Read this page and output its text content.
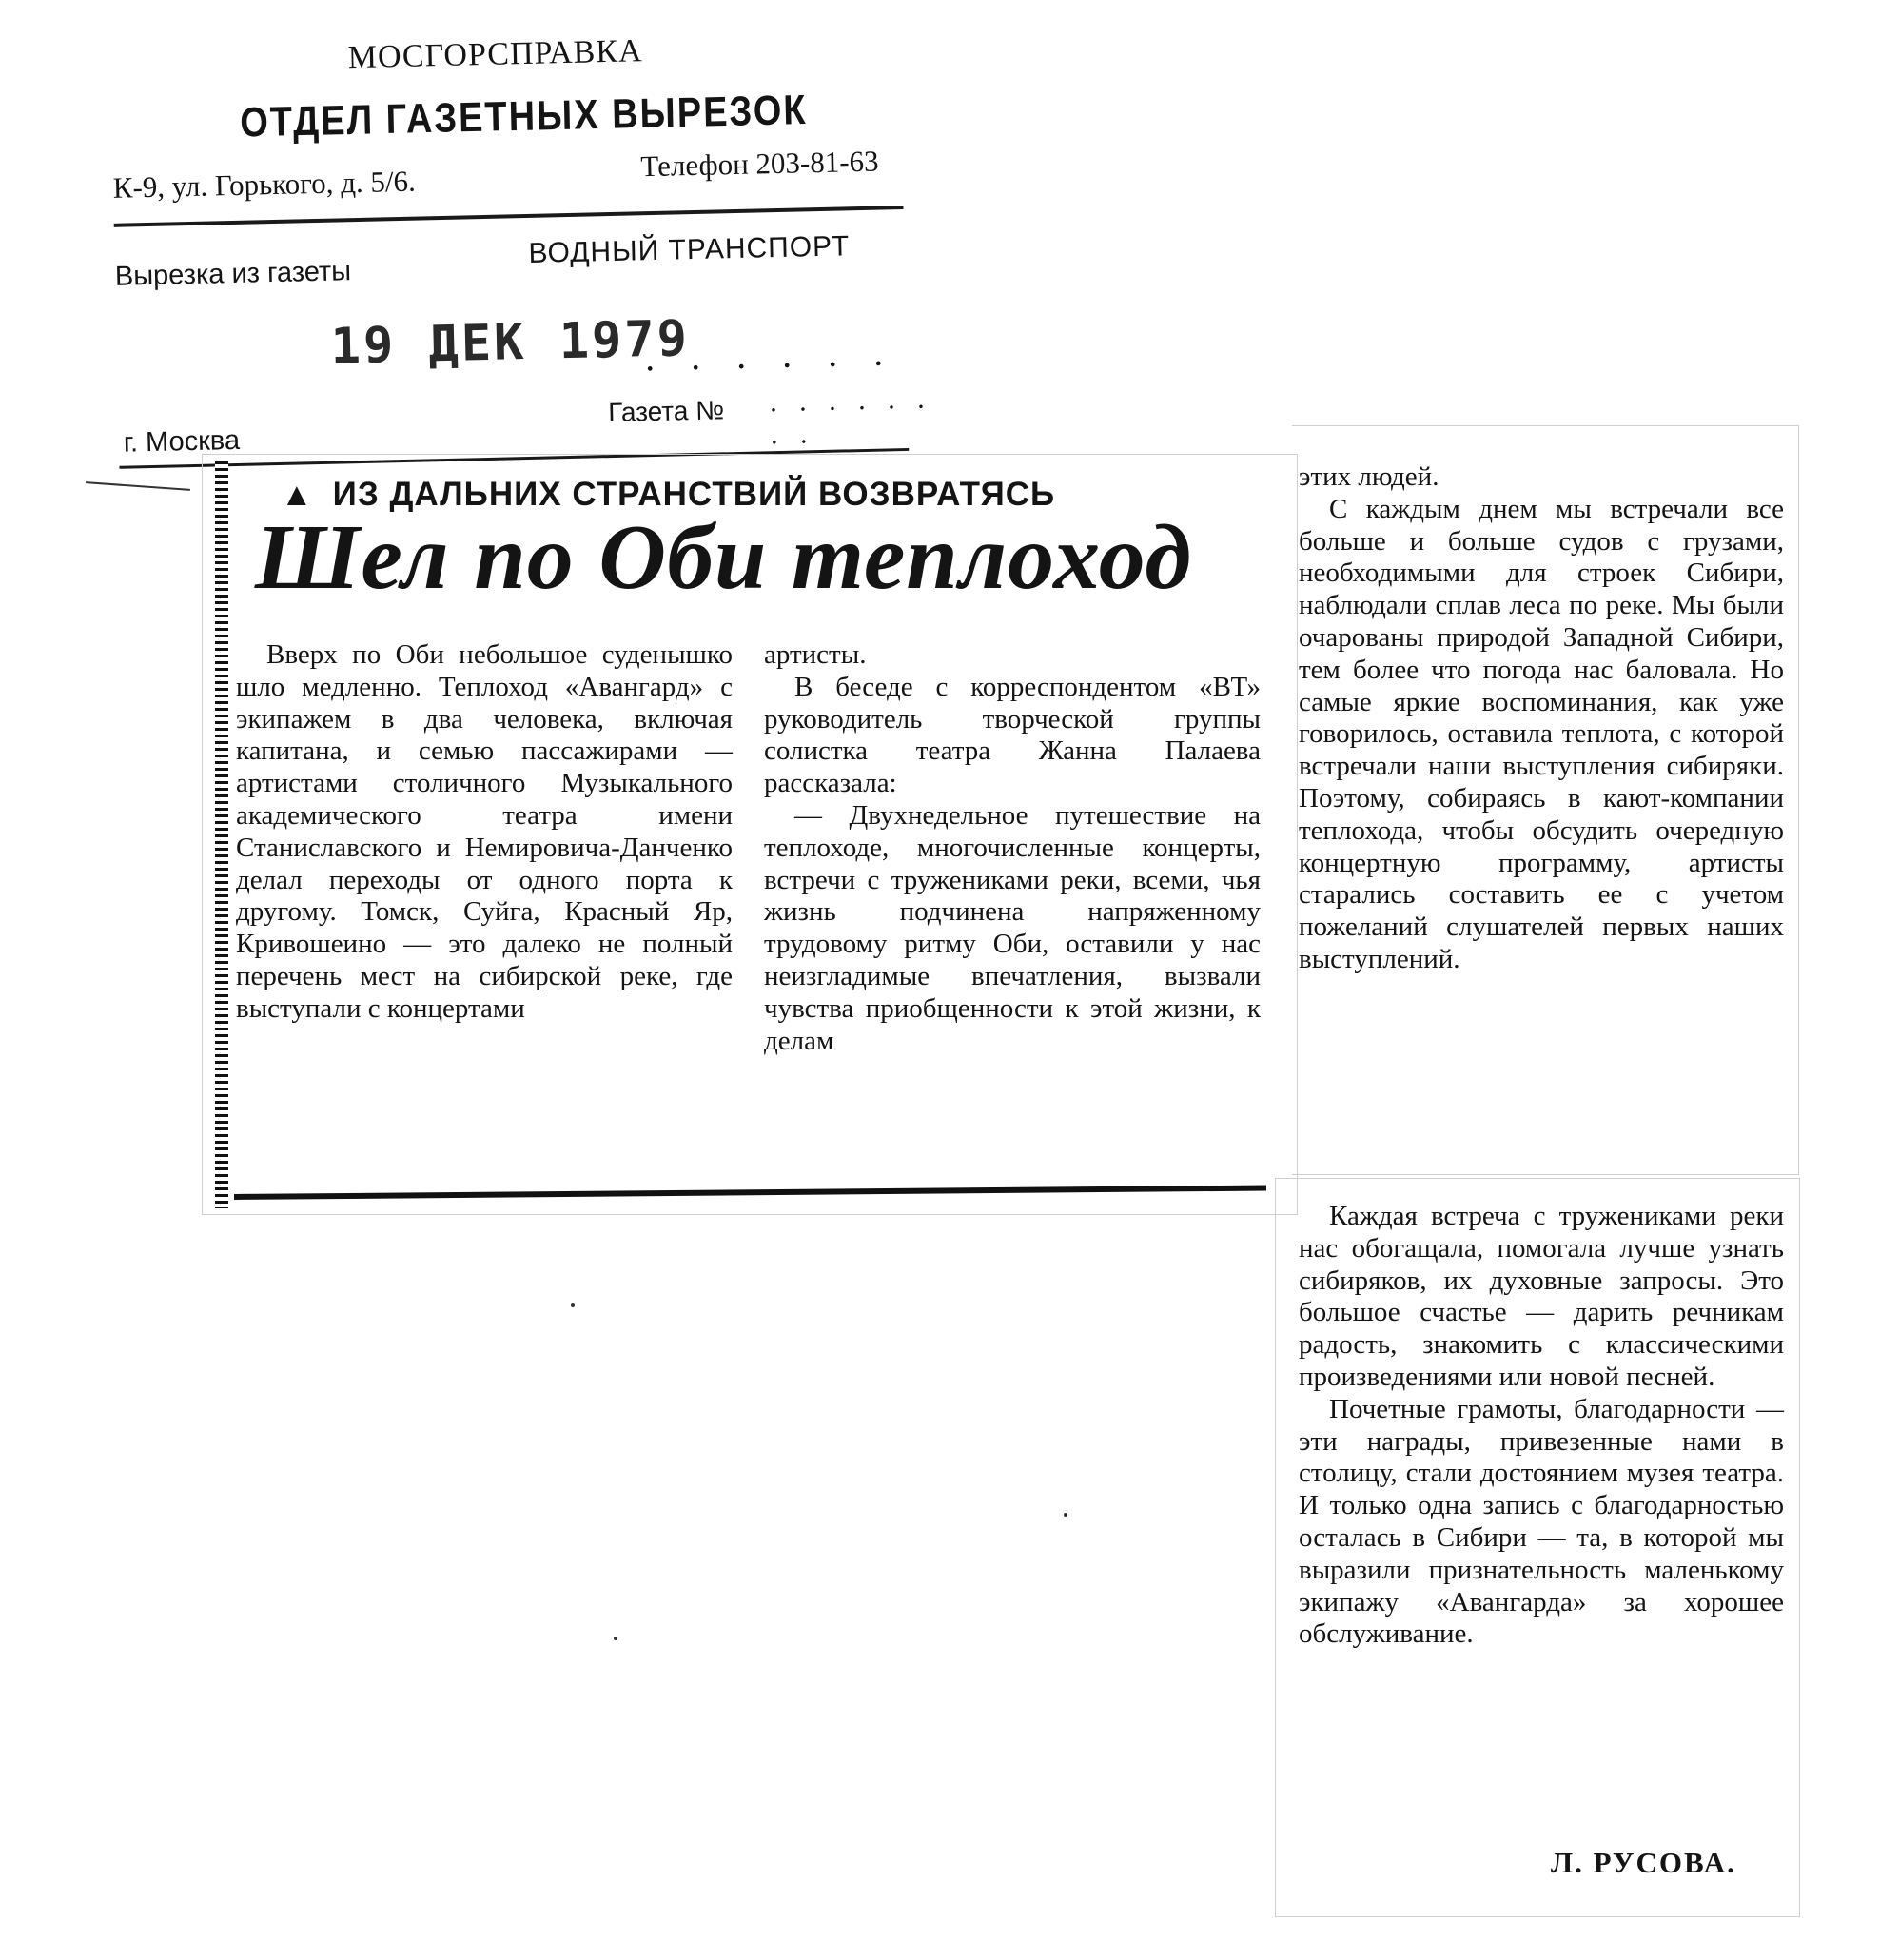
МОСГОРСПРАВКА
ОТДЕЛ ГАЗЕТНЫХ ВЫРЕЗОК
К-9, ул. Горького, д. 5/6.
Телефон 203-81-63
Вырезка из газеты
ВОДНЫЙ ТРАНСПОРТ
19 ДЕК 1979
. . . . . .
Газета № . . . . . . . .
г. Москва
▲ ИЗ ДАЛЬНИХ СТРАНСТВИЙ ВОЗВРАТЯСЬ
Шел по Оби теплоход

Вверх по Оби небольшое суденышко шло медленно. Теплоход «Авангард» с экипажем в два человека, включая капитана, и семью пассажирами — артистами столичного Музыкального академического театра имени Станиславского и Немировича-Данченко делал переходы от одного порта к другому. Томск, Суйга, Красный Яр, Кривошеино — это далеко не полный перечень мест на сибирской реке, где выступали с концертами

артисты.

В беседе с корреспондентом «ВТ» руководитель творческой группы солистка театра Жанна Палаева рассказала:

— Двухнедельное путешествие на теплоходе, многочисленные концерты, встречи с тружениками реки, всеми, чья жизнь подчинена напряженному трудовому ритму Оби, оставили у нас неизгладимые впечатления, вызвали чувства приобщенности к этой жизни, к делам

этих людей.

С каждым днем мы встречали все больше и больше судов с грузами, необходимыми для строек Сибири, наблюдали сплав леса по реке. Мы были очарованы природой Западной Сибири, тем более что погода нас баловала. Но самые яркие воспоминания, как уже говорилось, оставила теплота, с которой встречали наши выступления сибиряки. Поэтому, собираясь в кают-компании теплохода, чтобы обсудить очередную концертную программу, артисты старались составить ее с учетом пожеланий слушателей первых наших выступлений.

Каждая встреча с тружениками реки нас обогащала, помогала лучше узнать сибиряков, их духовные запросы. Это большое счастье — дарить речникам радость, знакомить с классическими произведениями или новой песней.

Почетные грамоты, благодарности — эти награды, привезенные нами в столицу, стали достоянием музея театра. И только одна запись с благодарностью осталась в Сибири — та, в которой мы выразили признательность маленькому экипажу «Авангарда» за хорошее обслуживание.

Л. РУСОВА.
